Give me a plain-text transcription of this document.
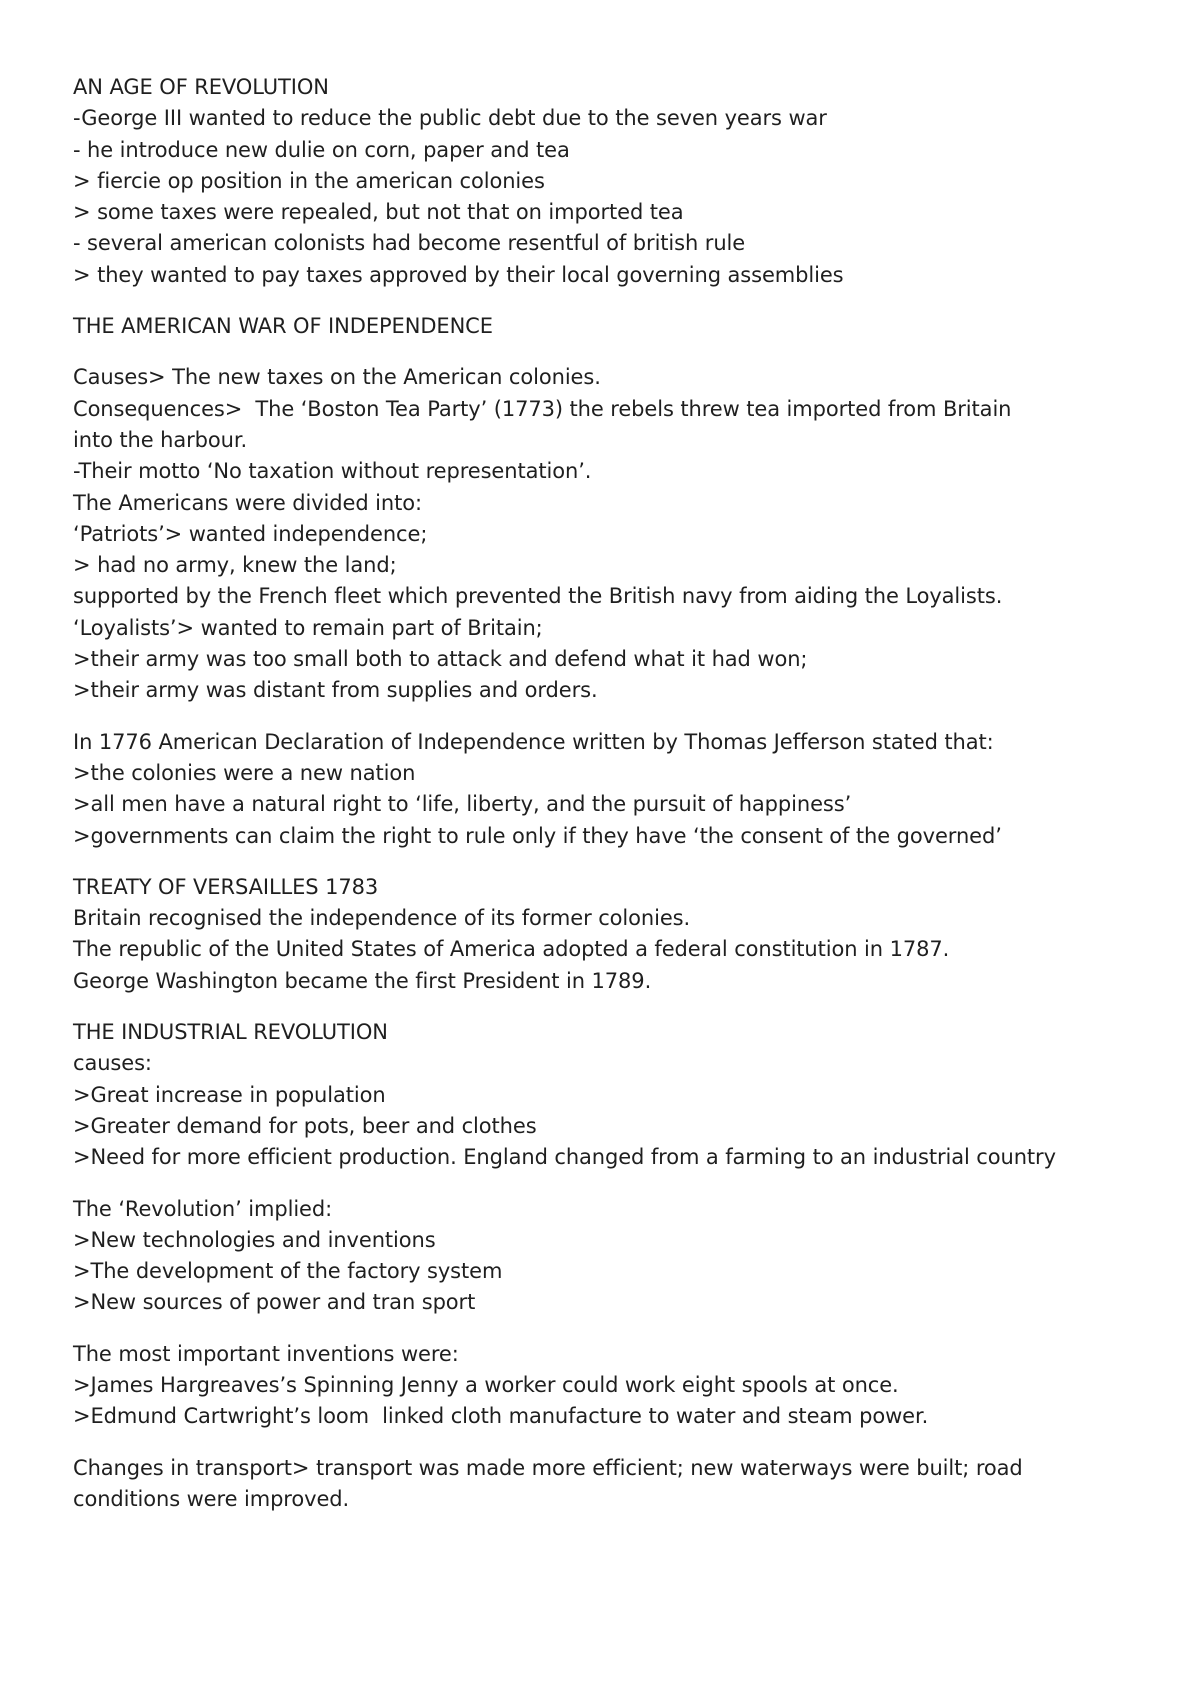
AN AGE OF REVOLUTION
-George III wanted to reduce the public debt due to the seven years war
- he introduce new dulie on corn, paper and tea
> fiercie op position in the american colonies
> some taxes were repealed, but not that on imported tea
- several american colonists had become resentful of british rule
> they wanted to pay taxes approved by their local governing assemblies
THE AMERICAN WAR OF INDEPENDENCE
Causes> The new taxes on the American colonies.
Consequences>  The ‘Boston Tea Party’ (1773) the rebels threw tea imported from Britain
into the harbour.
-Their motto ‘No taxation without representation’.
The Americans were divided into:
‘Patriots’> wanted independence;
> had no army, knew the land;
supported by the French fleet which prevented the British navy from aiding the Loyalists.
‘Loyalists’> wanted to remain part of Britain;
>their army was too small both to attack and defend what it had won;
>their army was distant from supplies and orders.
In 1776 American Declaration of Independence written by Thomas Jefferson stated that:
>the colonies were a new nation
>all men have a natural right to ‘life, liberty, and the pursuit of happiness’
>governments can claim the right to rule only if they have ‘the consent of the governed’
TREATY OF VERSAILLES 1783
Britain recognised the independence of its former colonies.
The republic of the United States of America adopted a federal constitution in 1787.
George Washington became the first President in 1789.
THE INDUSTRIAL REVOLUTION
causes:
>Great increase in population
>Greater demand for pots, beer and clothes
>Need for more efficient production. England changed from a farming to an industrial country
The ‘Revolution’ implied:
>New technologies and inventions
>The development of the factory system
>New sources of power and tran sport
The most important inventions were:
>James Hargreaves’s Spinning Jenny a worker could work eight spools at once.
>Edmund Cartwright’s loom  linked cloth manufacture to water and steam power.
Changes in transport> transport was made more efficient; new waterways were built; road
conditions were improved.
